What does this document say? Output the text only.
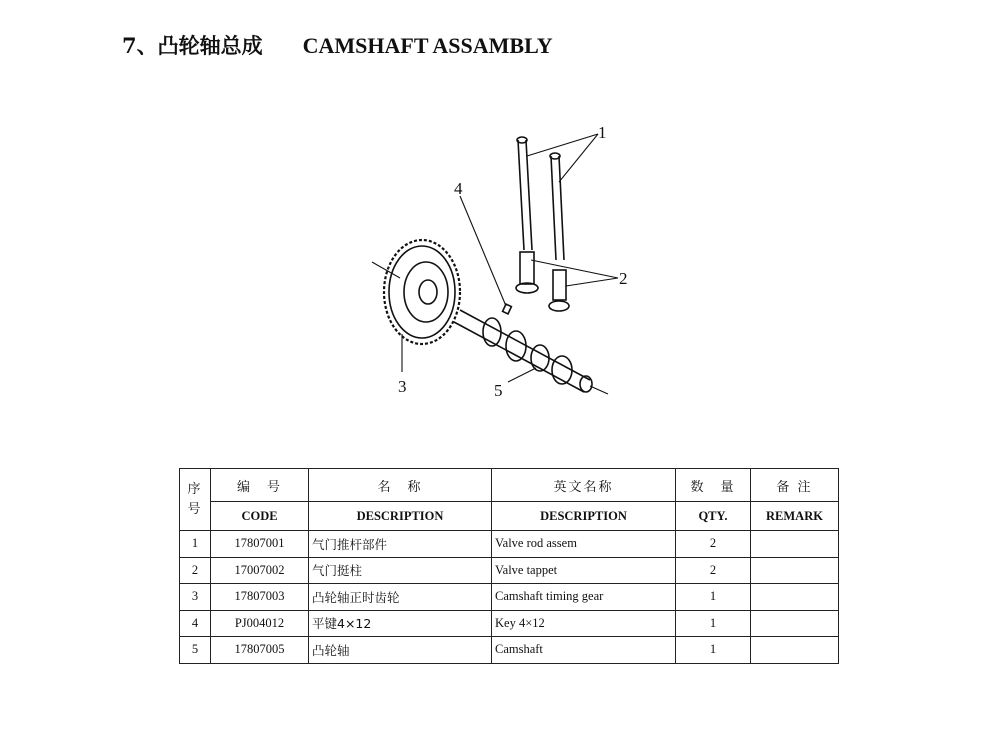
7、凸轮轴总成 CAMSHAFT ASSAMBLY
1
2
3
4
5
序
号	编　号	名　称	英文名称	数　量	备 注
	CODE	DESCRIPTION	DESCRIPTION	QTY.	REMARK
1	17807001	气门推杆部件	Valve rod assem	2	
2	17007002	气门挺柱	Valve tappet	2	
3	17807003	凸轮轴正时齿轮	Camshaft timing gear	1	
4	PJ004012	平键4×12	Key 4×12	1	
5	17807005	凸轮轴	Camshaft	1	
